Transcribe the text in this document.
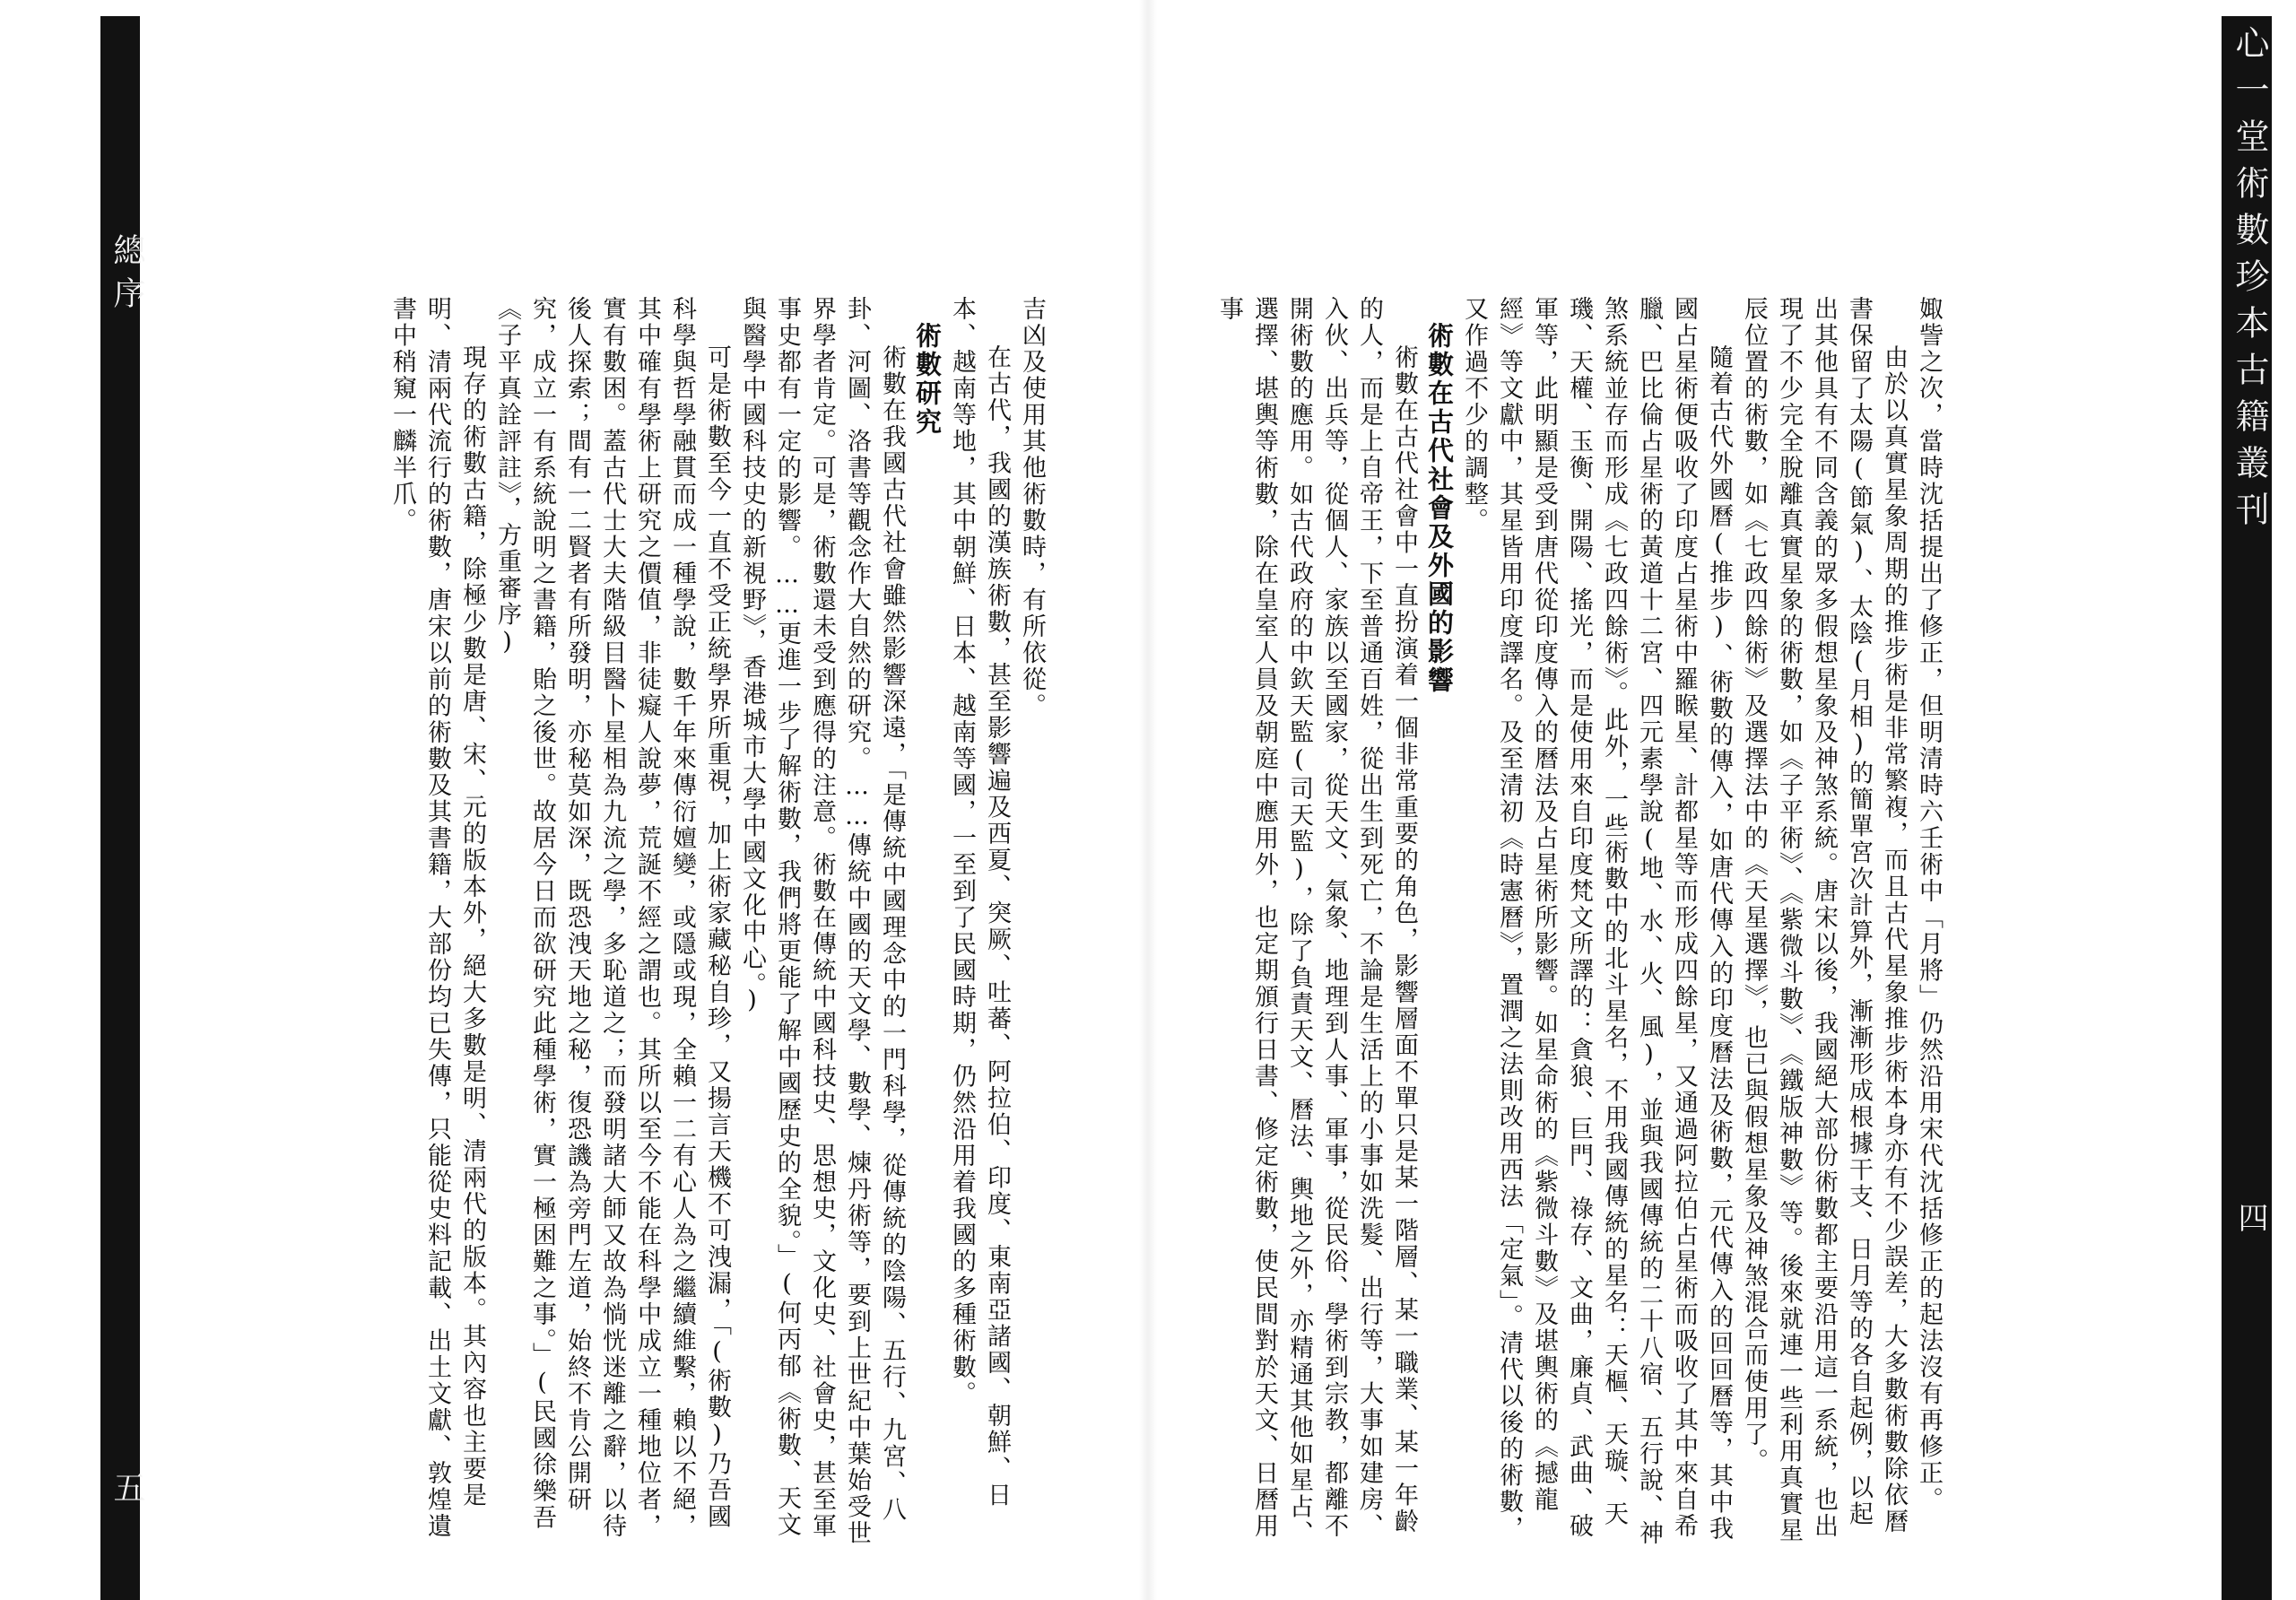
心一堂術數珍本古籍叢刊
四

娵訾之次，當時沈括提出了修正，但明清時六壬術中「月將」仍然沿用宋代沈括修正的起法沒有再修正。

由於以真實星象周期的推步術是非常繁複，而且古代星象推步術本身亦有不少誤差，大多數術數除依曆書保留了太陽(節氣)、太陰(月相)的簡單宮次計算外，漸漸形成根據干支、日月等的各自起例，以起出其他具有不同含義的眾多假想星象及神煞系統。唐宋以後，我國絕大部份術數都主要沿用這一系統，也出現了不少完全脫離真實星象的術數，如《子平術》、《紫微斗數》、《鐵版神數》等。後來就連一些利用真實星辰位置的術數，如《七政四餘術》及選擇法中的《天星選擇》，也已與假想星象及神煞混合而使用了。

隨着古代外國曆(推步)、術數的傳入，如唐代傳入的印度曆法及術數，元代傳入的回回曆等，其中我國占星術便吸收了印度占星術中羅睺星、計都星等而形成四餘星，又通過阿拉伯占星術而吸收了其中來自希臘、巴比倫占星術的黃道十二宮、四元素學說(地、水、火、風)，並與我國傳統的二十八宿、五行說、神煞系統並存而形成《七政四餘術》。此外，一些術數中的北斗星名，不用我國傳統的星名：天樞、天璇、天璣、天權、玉衡、開陽、搖光，而是使用來自印度梵文所譯的：貪狼、巨門、祿存、文曲，廉貞、武曲、破軍等，此明顯是受到唐代從印度傳入的曆法及占星術所影響。如星命術的《紫微斗數》及堪輿術的《撼龍經》等文獻中，其星皆用印度譯名。及至清初《時憲曆》，置潤之法則改用西法「定氣」。清代以後的術數，又作過不少的調整。

術數在古代社會及外國的影響

術數在古代社會中一直扮演着一個非常重要的角色，影響層面不單只是某一階層、某一職業、某一年齡的人，而是上自帝王，下至普通百姓，從出生到死亡，不論是生活上的小事如洗髮、出行等，大事如建房、入伙、出兵等，從個人、家族以至國家，從天文、氣象、地理到人事、軍事，從民俗、學術到宗教，都離不開術數的應用。如古代政府的中欽天監(司天監)，除了負責天文、曆法、輿地之外，亦精通其他如星占、選擇、堪輿等術數，除在皇室人員及朝庭中應用外，也定期頒行日書、修定術數，使民間對於天文、日曆用事

總序
五

吉凶及使用其他術數時，有所依從。

在古代，我國的漢族術數，甚至影響遍及西夏、突厥、吐蕃、阿拉伯、印度、東南亞諸國、朝鮮、日本、越南等地，其中朝鮮、日本、越南等國，一至到了民國時期，仍然沿用着我國的多種術數。

術數研究

術數在我國古代社會雖然影響深遠，「是傳統中國理念中的一門科學，從傳統的陰陽、五行、九宮、八卦、河圖、洛書等觀念作大自然的研究。……傳統中國的天文學、數學、煉丹術等，要到上世紀中葉始受世界學者肯定。可是，術數還未受到應得的注意。術數在傳統中國科技史、思想史，文化史、社會史，甚至軍事史都有一定的影響。……更進一步了解術數，我們將更能了解中國歷史的全貌。」(何丙郁《術數、天文與醫學中國科技史的新視野》，香港城市大學中國文化中心。)

可是術數至今一直不受正統學界所重視，加上術家藏秘自珍，又揚言天機不可洩漏，「(術數)乃吾國科學與哲學融貫而成一種學說，數千年來傳衍嬗變，或隱或現，全賴一二有心人為之繼續維繫，賴以不絕，其中確有學術上研究之價值，非徒癡人說夢，荒誕不經之謂也。其所以至今不能在科學中成立一種地位者，實有數困。蓋古代士大夫階級目醫卜星相為九流之學，多恥道之；而發明諸大師又故為惝恍迷離之辭，以待後人探索；間有一二賢者有所發明，亦秘莫如深，既恐洩天地之秘，復恐譏為旁門左道，始終不肯公開研究，成立一有系統說明之書籍，貽之後世。故居今日而欲研究此種學術，實一極困難之事。」(民國徐樂吾《子平真詮評註》，方重審序)

現存的術數古籍，除極少數是唐、宋、元的版本外，絕大多數是明、清兩代的版本。其內容也主要是明、清兩代流行的術數，唐宋以前的術數及其書籍，大部份均已失傳，只能從史料記載、出土文獻、敦煌遺書中稍窺一麟半爪。
